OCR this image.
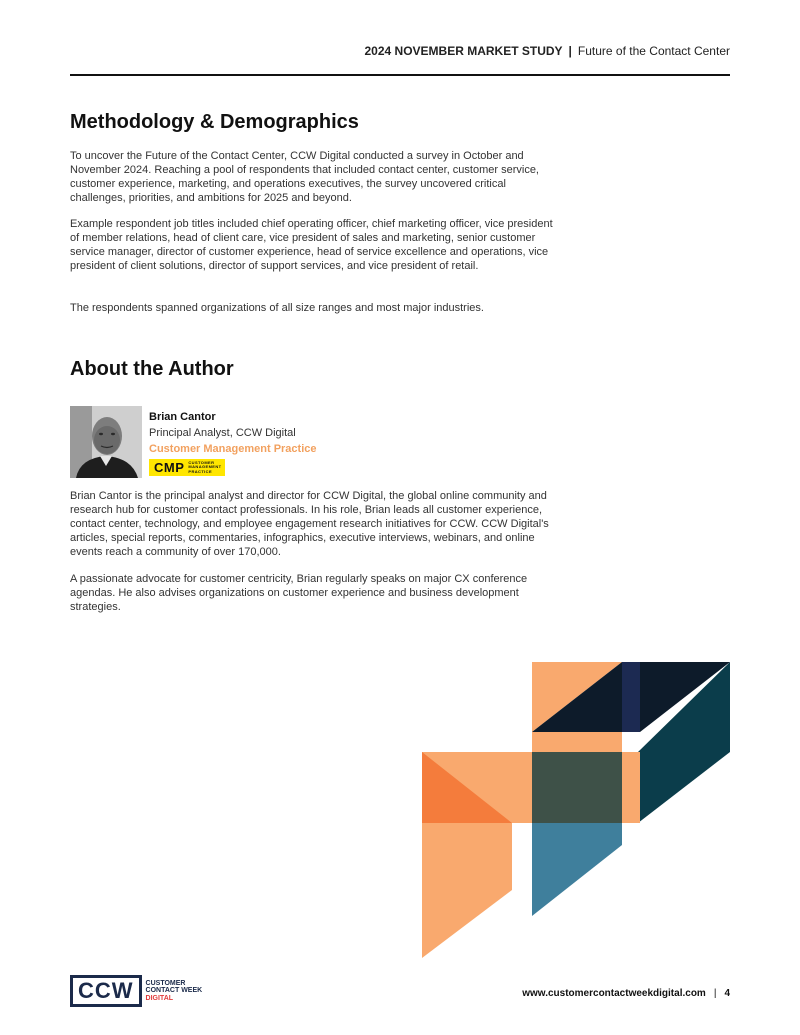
2024 NOVEMBER MARKET STUDY | Future of the Contact Center
Methodology & Demographics

To uncover the Future of the Contact Center, CCW Digital conducted a survey in October and November 2024. Reaching a pool of respondents that included contact center, customer service, customer experience, marketing, and operations executives, the survey uncovered critical challenges, priorities, and ambitions for 2025 and beyond.

Example respondent job titles included chief operating officer, chief marketing officer, vice president of member relations, head of client care, vice president of sales and marketing, senior customer service manager, director of customer experience, head of service excellence and operations, vice president of client solutions, director of support services, and vice president of retail.

The respondents spanned organizations of all size ranges and most major industries.

About the Author
Brian Cantor
Principal Analyst, CCW Digital
Customer Management Practice
CMP CUSTOMER MANAGEMENT PRACTICE

Brian Cantor is the principal analyst and director for CCW Digital, the global online community and research hub for customer contact professionals. In his role, Brian leads all customer experience, contact center, technology, and employee engagement research initiatives for CCW. CCW Digital's articles, special reports, commentaries, infographics, executive interviews, webinars, and online events reach a community of over 170,000.

A passionate advocate for customer centricity, Brian regularly speaks on major CX conference agendas. He also advises organizations on customer experience and business development strategies.

CCW	CUSTOMER
CONTACT WEEK
DIGITAL	www.customercontactweekdigital.com | 4
